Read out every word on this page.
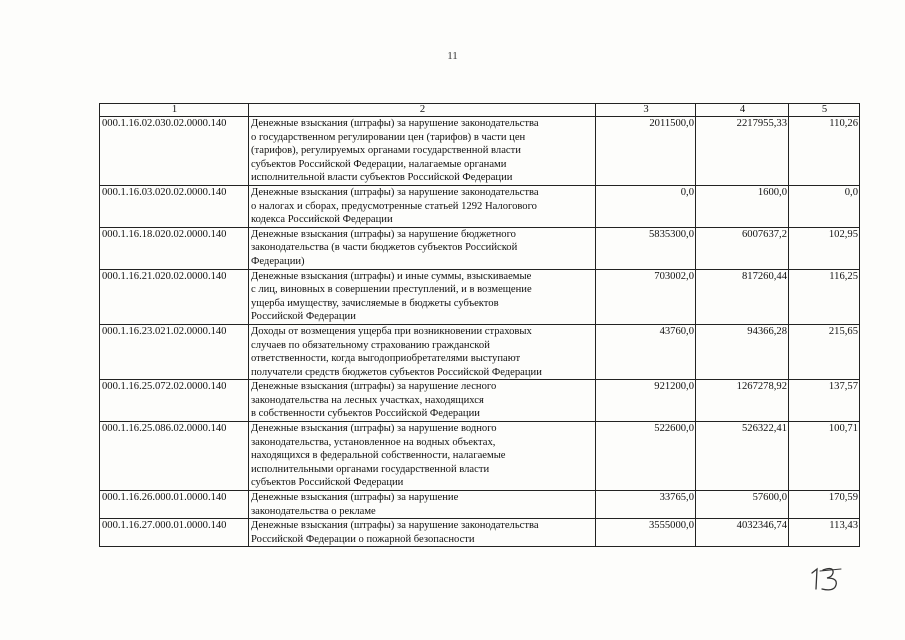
11
1	2	3	4	5
000.1.16.02.030.02.0000.140	Денежные взыскания (штрафы) за нарушение законодательства
о государственном регулировании цен (тарифов) в части цен
(тарифов), регулируемых органами государственной власти
субъектов Российской Федерации, налагаемые органами
исполнительной власти субъектов Российской Федерации	2011500,0	2217955,33	110,26
000.1.16.03.020.02.0000.140	Денежные взыскания (штрафы) за нарушение законодательства
о налогах и сборах, предусмотренные статьей 1292 Налогового
кодекса Российской Федерации	0,0	1600,0	0,0
000.1.16.18.020.02.0000.140	Денежные взыскания (штрафы) за нарушение бюджетного
законодательства (в части бюджетов субъектов Российской
Федерации)	5835300,0	6007637,2	102,95
000.1.16.21.020.02.0000.140	Денежные взыскания (штрафы) и иные суммы, взыскиваемые
с лиц, виновных в совершении преступлений, и в возмещение
ущерба имуществу, зачисляемые в бюджеты субъектов
Российской Федерации	703002,0	817260,44	116,25
000.1.16.23.021.02.0000.140	Доходы от возмещения ущерба при возникновении страховых
случаев по обязательному страхованию гражданской
ответственности, когда выгодоприобретателями выступают
получатели средств бюджетов субъектов Российской Федерации	43760,0	94366,28	215,65
000.1.16.25.072.02.0000.140	Денежные взыскания (штрафы) за нарушение лесного
законодательства на лесных участках, находящихся
в собственности субъектов Российской Федерации	921200,0	1267278,92	137,57
000.1.16.25.086.02.0000.140	Денежные взыскания (штрафы) за нарушение водного
законодательства, установленное на водных объектах,
находящихся в федеральной собственности, налагаемые
исполнительными органами государственной власти
субъектов Российской Федерации	522600,0	526322,41	100,71
000.1.16.26.000.01.0000.140	Денежные взыскания (штрафы) за нарушение
законодательства о рекламе	33765,0	57600,0	170,59
000.1.16.27.000.01.0000.140	Денежные взыскания (штрафы) за нарушение законодательства
Российской Федерации о пожарной безопасности	3555000,0	4032346,74	113,43
